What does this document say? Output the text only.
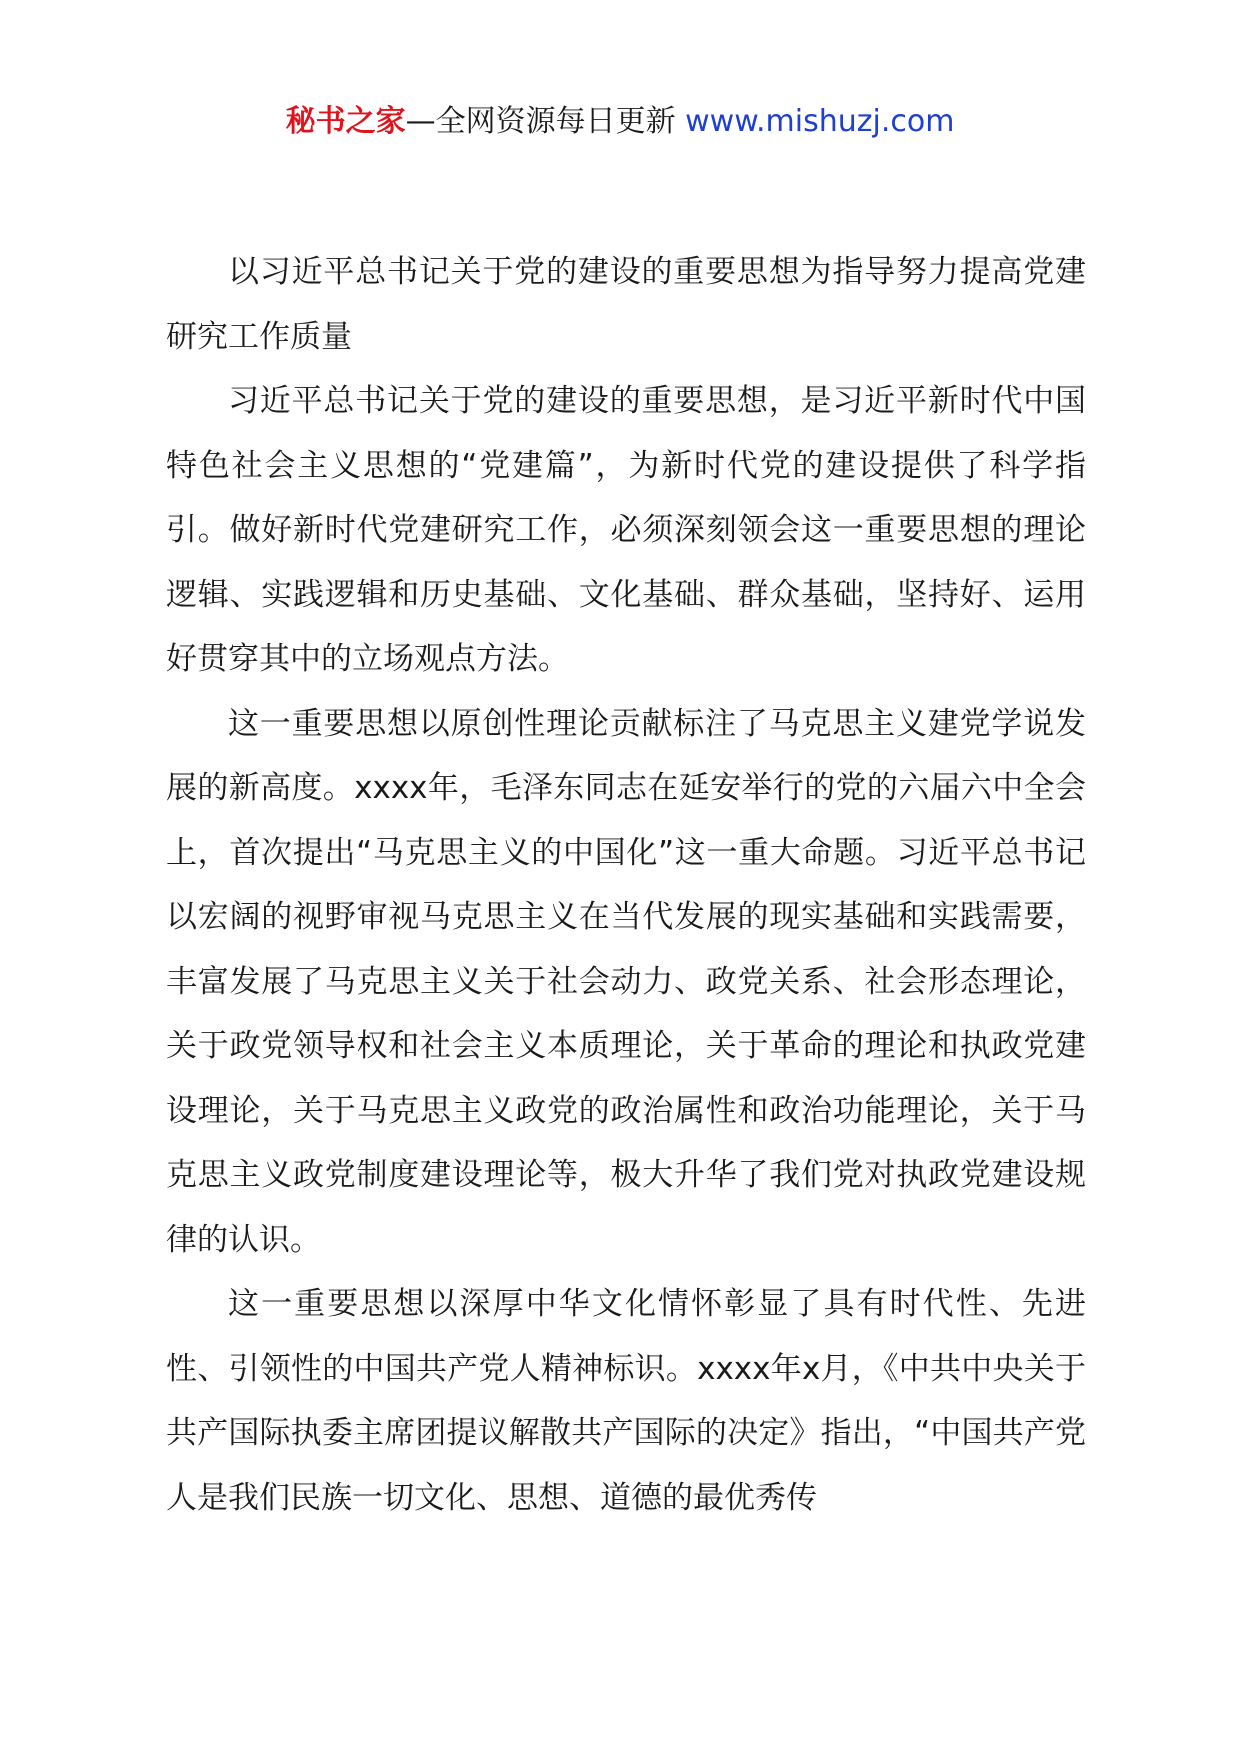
秘书之家—全网资源每日更新 www.mishuzj.com

以习近平总书记关于党的建设的重要思想为指导努力提高党建研究工作质量

习近平总书记关于党的建设的重要思想，是习近平新时代中国特色社会主义思想的“党建篇”，为新时代党的建设提供了科学指引。做好新时代党建研究工作，必须深刻领会这一重要思想的理论逻辑、实践逻辑和历史基础、文化基础、群众基础，坚持好、运用好贯穿其中的立场观点方法。

这一重要思想以原创性理论贡献标注了马克思主义建党学说发展的新高度。xxxx年，毛泽东同志在延安举行的党的六届六中全会上，首次提出“马克思主义的中国化”这一重大命题。习近平总书记以宏阔的视野审视马克思主义在当代发展的现实基础和实践需要，丰富发展了马克思主义关于社会动力、政党关系、社会形态理论，关于政党领导权和社会主义本质理论，关于革命的理论和执政党建设理论，关于马克思主义政党的政治属性和政治功能理论，关于马克思主义政党制度建设理论等，极大升华了我们党对执政党建设规律的认识。

这一重要思想以深厚中华文化情怀彰显了具有时代性、先进性、引领性的中国共产党人精神标识。xxxx年x月，《中共中央关于共产国际执委主席团提议解散共产国际的决定》指出，“中国共产党人是我们民族一切文化、思想、道德的最优秀传
